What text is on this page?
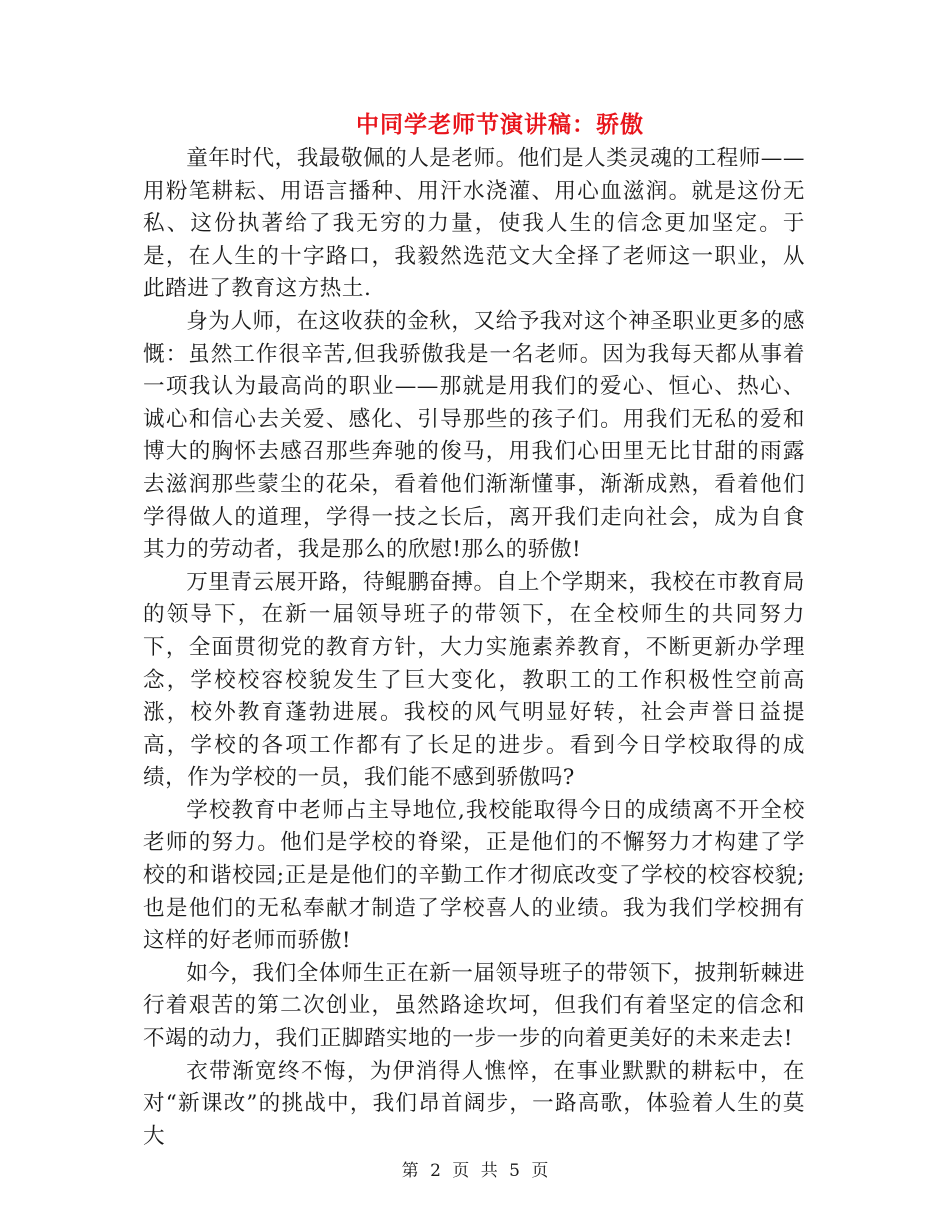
中同学老师节演讲稿：骄傲

童年时代，我最敬佩的人是老师。他们是人类灵魂的工程师——用粉笔耕耘、用语言播种、用汗水浇灌、用心血滋润。就是这份无私、这份执著给了我无穷的力量，使我人生的信念更加坚定。于是，在人生的十字路口，我毅然选范文大全择了老师这一职业，从此踏进了教育这方热土.

身为人师，在这收获的金秋，又给予我对这个神圣职业更多的感慨：虽然工作很辛苦,但我骄傲我是一名老师。因为我每天都从事着一项我认为最高尚的职业——那就是用我们的爱心、恒心、热心、诚心和信心去关爱、感化、引导那些的孩子们。用我们无私的爱和博大的胸怀去感召那些奔驰的俊马，用我们心田里无比甘甜的雨露去滋润那些蒙尘的花朵，看着他们渐渐懂事，渐渐成熟，看着他们学得做人的道理，学得一技之长后，离开我们走向社会，成为自食其力的劳动者，我是那么的欣慰!那么的骄傲!

万里青云展开路，待鲲鹏奋搏。自上个学期来，我校在市教育局的领导下，在新一届领导班子的带领下，在全校师生的共同努力下，全面贯彻党的教育方针，大力实施素养教育，不断更新办学理念，学校校容校貌发生了巨大变化，教职工的工作积极性空前高涨，校外教育蓬勃进展。我校的风气明显好转，社会声誉日益提高，学校的各项工作都有了长足的进步。看到今日学校取得的成绩，作为学校的一员，我们能不感到骄傲吗?

学校教育中老师占主导地位,我校能取得今日的成绩离不开全校老师的努力。他们是学校的脊梁，正是他们的不懈努力才构建了学校的和谐校园;正是是他们的辛勤工作才彻底改变了学校的校容校貌;也是他们的无私奉献才制造了学校喜人的业绩。我为我们学校拥有这样的好老师而骄傲!

如今，我们全体师生正在新一届领导班子的带领下，披荆斩棘进行着艰苦的第二次创业，虽然路途坎坷，但我们有着坚定的信念和不竭的动力，我们正脚踏实地的一步一步的向着更美好的未来走去!

衣带渐宽终不悔，为伊消得人憔悴，在事业默默的耕耘中，在对“新课改”的挑战中，我们昂首阔步，一路高歌，体验着人生的莫大

第 2 页 共 5 页
